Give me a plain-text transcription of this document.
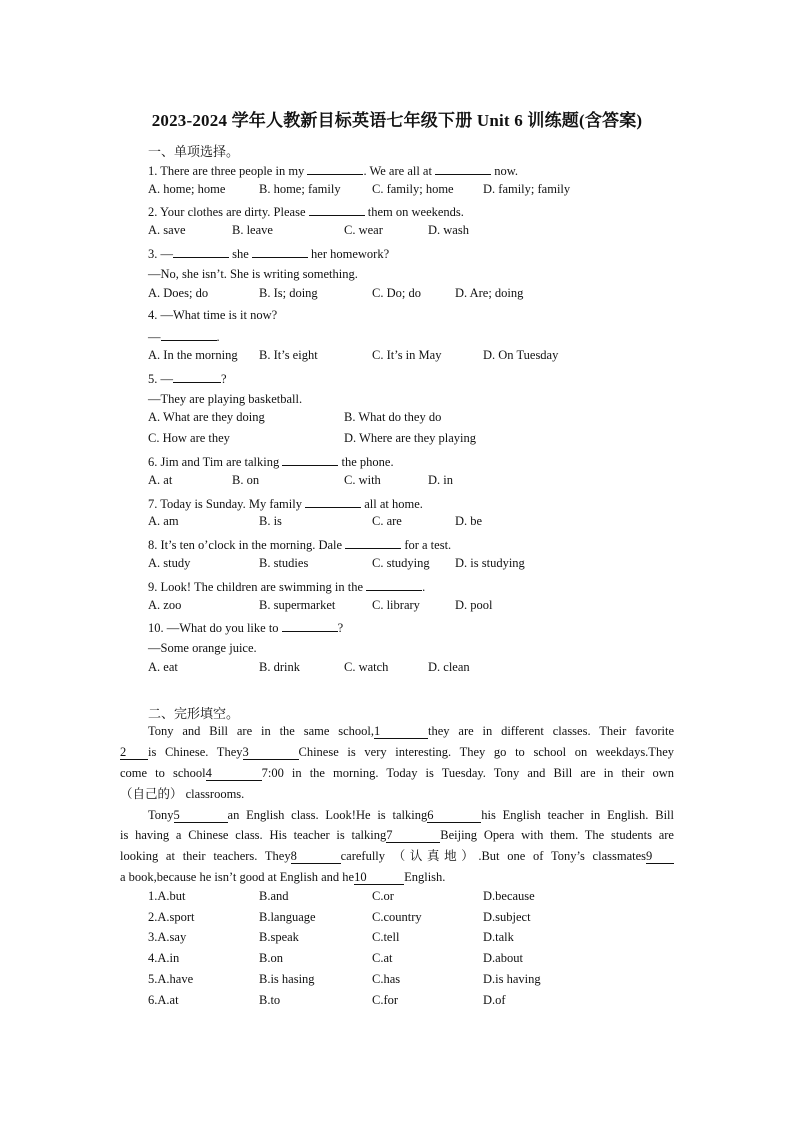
2023-2024 学年人教新目标英语七年级下册 Unit 6 训练题(含答案)
一、单项选择。
1. There are three people in my	. We are all at	now.
A. home; home	B. home; family	C. family; home D. family; family
2. Your clothes are dirty. Please	them on weekends.
A. save	B. leave	C. wear	D. wash
3. —	she	her homework?
—No, she isn’t. She is writing something.
A. Does; do	B. Is; doing	C. Do; do	D. Are; doing
4. —What time is it now?
—	.
A. In the morning B. It’s eight	C. It’s in May	D. On Tuesday
5. —	?
—They are playing basketball.
A. What are they doing	B. What do they do
C. How are they	D. Where are they playing
6. Jim and Tim are talking	the phone.
A. at	B. on	C. with	D. in
7. Today is Sunday. My family	all at home.
A. am	B. is	C. are	D. be
8. It’s ten o’clock in the morning. Dale	for a test.
A. study	B. studies	C. studying D. is studying
9. Look! The children are swimming in the	.
A. zoo	B. supermarket	C. library	D. pool
10. —What do you like to	?
—Some orange juice.
A. eat	B. drink	C. watch	D. clean
二、完形填空。
Tony and Bill are in the same school,1	they are in different classes. Their favorite
2 is Chinese. They3	Chinese is very interesting. They go to school on weekdays.They
come to school4	7:00 in the morning. Today is Tuesday. Tony and Bill are in their own
（自己的） classrooms.
Tony5	an English class. Look!He is talking6	his English teacher in English. Bill
is having a Chinese class. His teacher is talking7	Beijing Opera with them. The students are
looking at their teachers. They8	carefully （认真地）.But one of Tony’s classmates9
a book,because he isn’t good at English and he10	English.
1.A.but	B.and	C.or	D.because
2.A.sport	B.language	C.country	D.subject
3.A.say	B.speak	C.tell	D.talk
4.A.in	B.on	C.at	D.about
5.A.have	B.is hasing	C.has	D.is having
6.A.at	B.to	C.for	D.of
